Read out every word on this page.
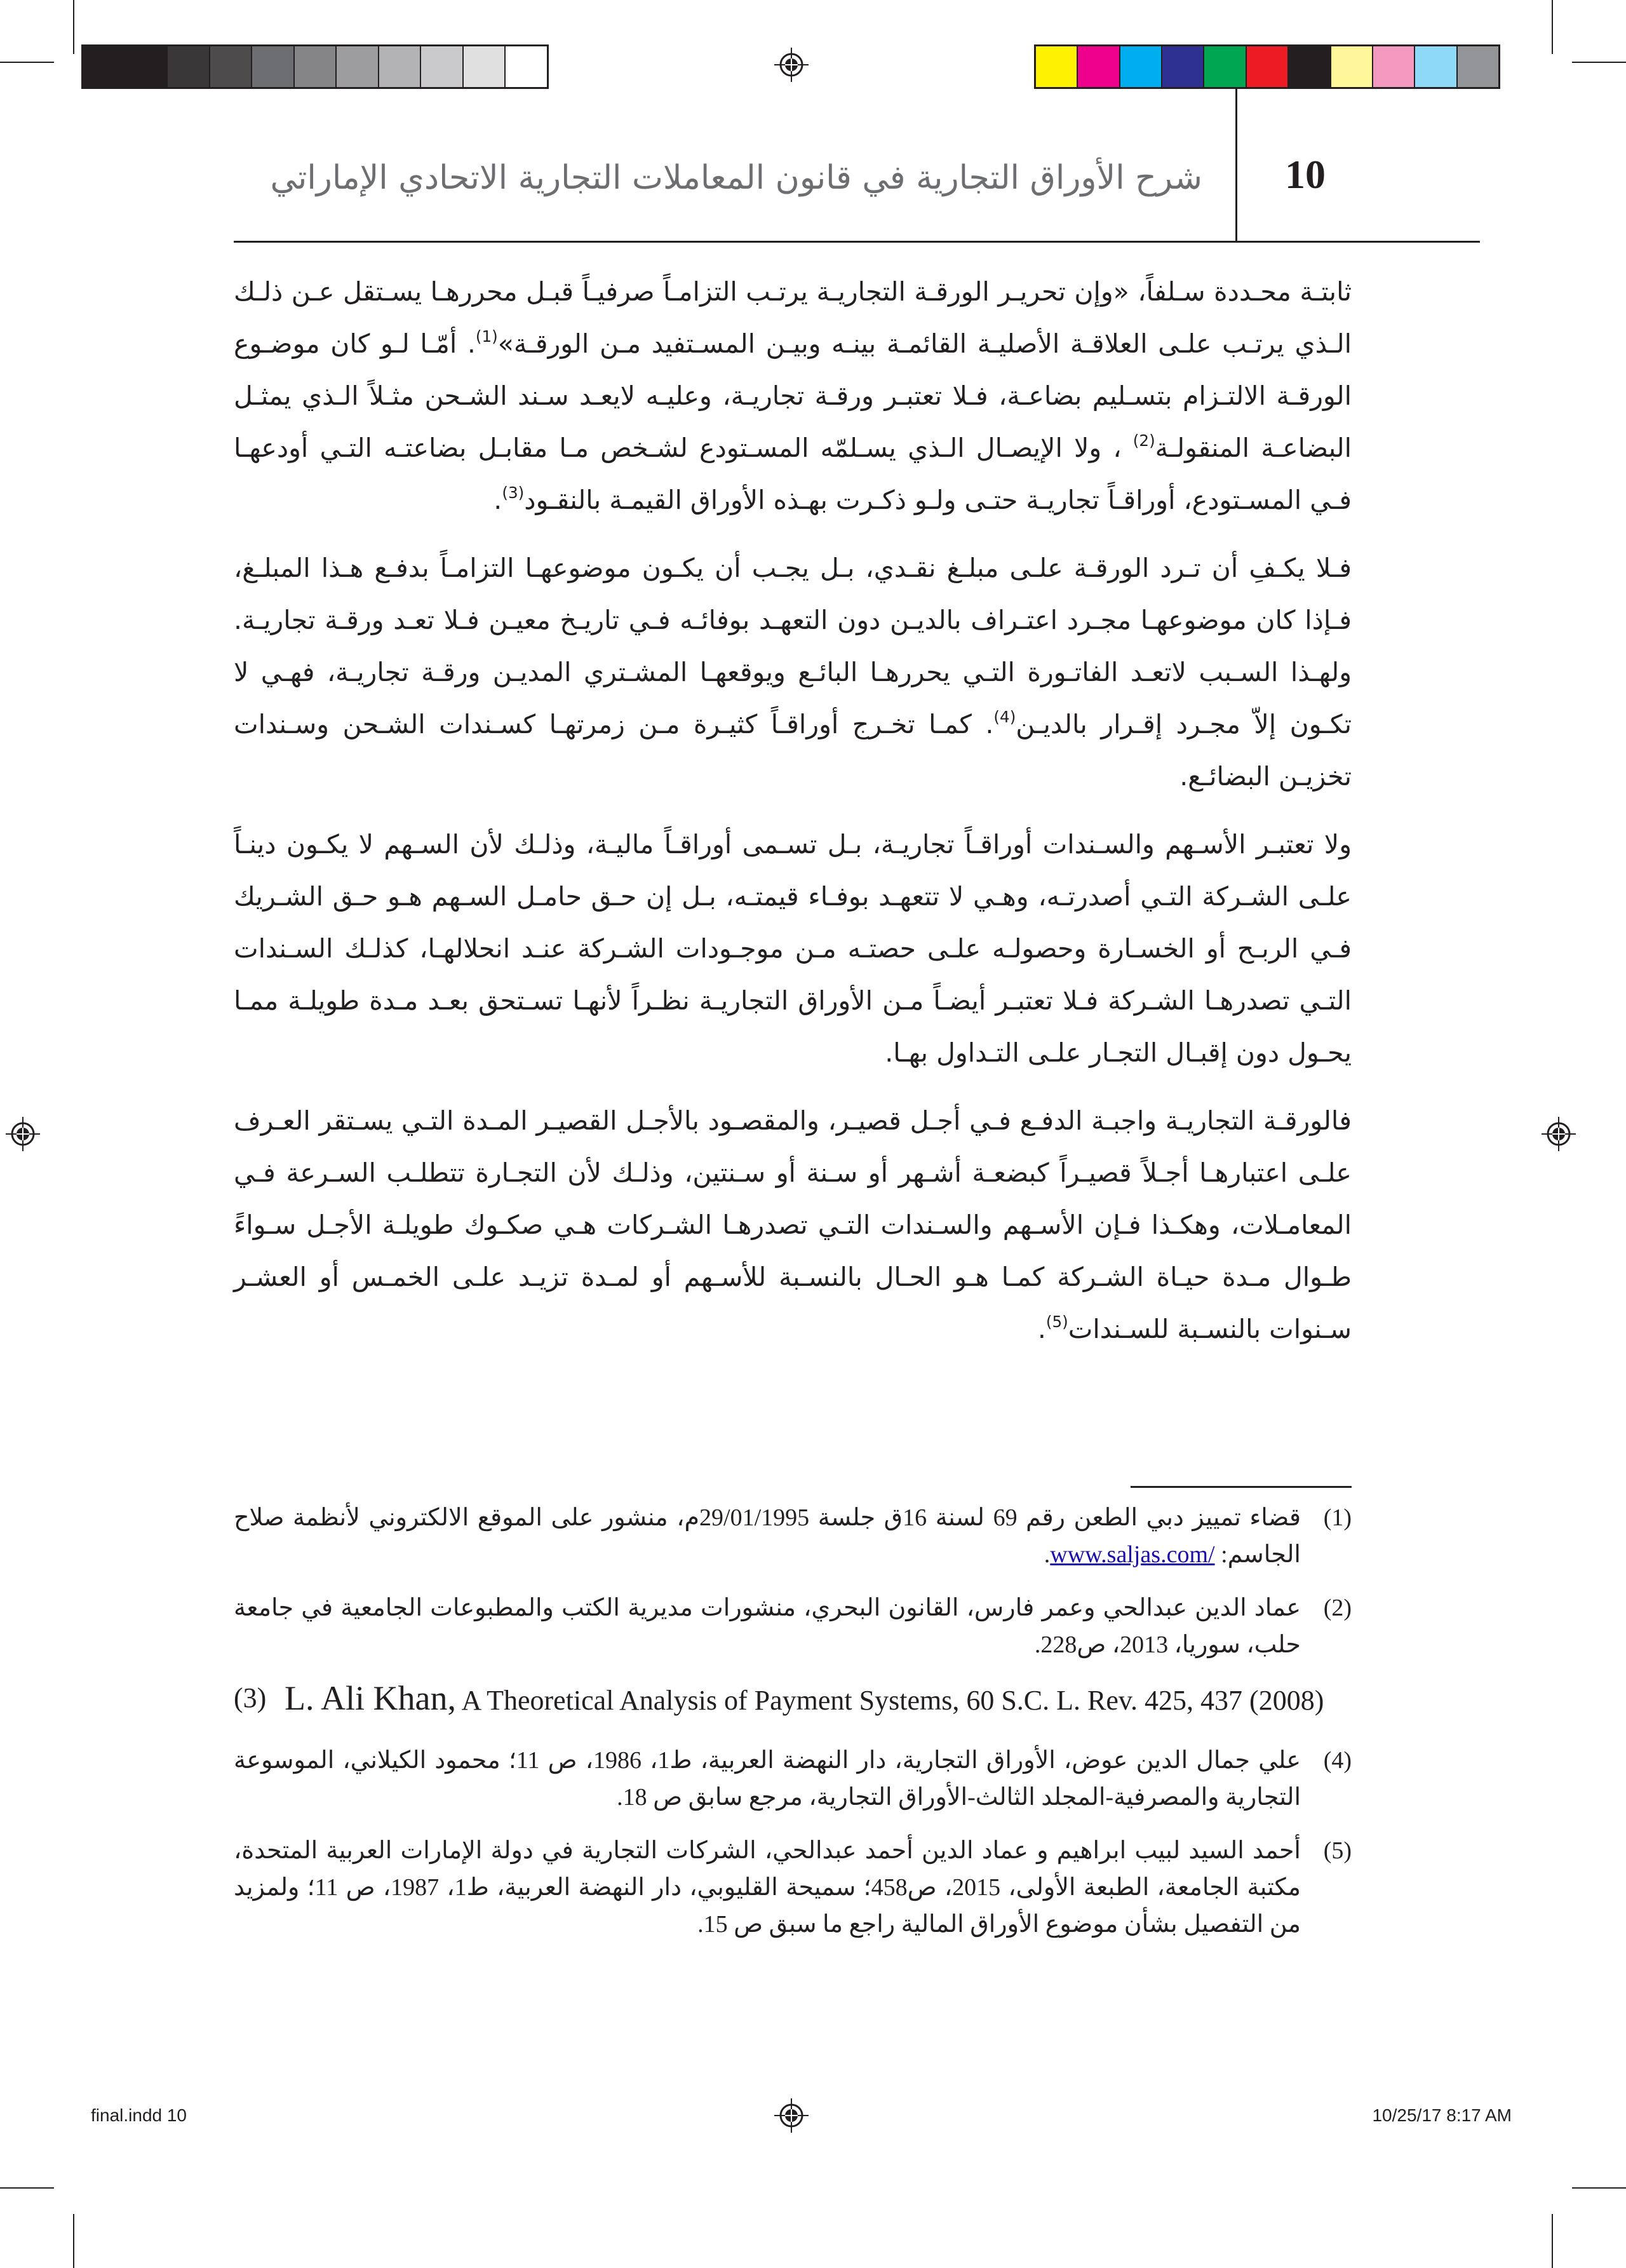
شرح الأوراق التجارية في قانون المعاملات التجارية الاتحادي الإماراتي	10

ثابتـة محـددة سـلفاً، «وإن تحريـر الورقـة التجاريـة يرتـب التزامـاً صرفيـاً قبـل محررهـا يسـتقل عـن ذلـك الـذي يرتـب علـى العلاقـة الأصليـة القائمـة بينـه وبيـن المسـتفيد مـن الورقـة»$^{(1)}$. أمّـا لـو كان موضـوع الورقـة الالتـزام بتسـليم بضاعـة، فـلا تعتبـر ورقـة تجاريـة، وعليـه لايعـد سـند الشـحن مثـلاً الـذي يمثـل البضاعـة المنقولـة$^{(2)}$ ، ولا الإيصـال الـذي يسـلمّه المسـتودع لشـخص مـا مقابـل بضاعتـه التـي أودعهـا فـي المسـتودع، أوراقـاً تجاريـة حتـى ولـو ذكـرت بهـذه الأوراق القيمـة بالنقـود$^{(3)}$.

فـلا يكـفِ أن تـرد الورقـة علـى مبلـغ نقـدي، بـل يجـب أن يكـون موضوعهـا التزامـاً بدفـع هـذا المبلـغ، فـإذا كان موضوعهـا مجـرد اعتـراف بالديـن دون التعهـد بوفائـه فـي تاريـخ معيـن فـلا تعـد ورقـة تجاريـة. ولهـذا السـبب لاتعـد الفاتـورة التـي يحررهـا البائـع ويوقعهـا المشـتري المديـن ورقـة تجاريـة، فهـي لا تكـون إلاّ مجـرد إقـرار بالديـن$^{(4)}$. كمـا تخـرج أوراقـاً كثيـرة مـن زمرتهـا كسـندات الشـحن وسـندات تخزيـن البضائـع.

ولا تعتبـر الأسـهم والسـندات أوراقـاً تجاريـة، بـل تسـمى أوراقـاً ماليـة، وذلـك لأن السـهم لا يكـون دينـاً علـى الشـركة التـي أصدرتـه، وهـي لا تتعهـد بوفـاء قيمتـه، بـل إن حـق حامـل السـهم هـو حـق الشـريك فـي الربـح أو الخسـارة وحصولـه علـى حصتـه مـن موجـودات الشـركة عنـد انحلالهـا، كذلـك السـندات التـي تصدرهـا الشـركة فـلا تعتبـر أيضـاً مـن الأوراق التجاريـة نظـراً لأنهـا تسـتحق بعـد مـدة طويلـة ممـا يحـول دون إقبـال التجـار علـى التـداول بهـا.

فالورقـة التجاريـة واجبـة الدفـع فـي أجـل قصيـر، والمقصـود بالأجـل القصيـر المـدة التـي يسـتقر العـرف علـى اعتبارهـا أجـلاً قصيـراً كبضعـة أشـهر أو سـنة أو سـنتين، وذلـك لأن التجـارة تتطلـب السـرعة فـي المعامـلات، وهكـذا فـإن الأسـهم والسـندات التـي تصدرهـا الشـركات هـي صكـوك طويلـة الأجـل سـواءً طـوال مـدة حيـاة الشـركة كمـا هـو الحـال بالنسـبة للأسـهم أو لمـدة تزيـد علـى الخمـس أو العشـر سـنوات بالنسـبة للسـندات$^{(5)}$.

(1)
قضاء تمييز دبي الطعن رقم 69 لسنة 16ق جلسة 29/01/1995م، منشور على الموقع الالكتروني لأنظمة صلاح الجاسم: www.saljas.com/.
(2)
عماد الدين عبدالحي وعمر فارس، القانون البحري، منشورات مديرية الكتب والمطبوعات الجامعية في جامعة حلب، سوريا، 2013، ص228.
(3) L. Ali Khan, A Theoretical Analysis of Payment Systems, 60 S.C. L. Rev. 425, 437 (2008)
(4)
علي جمال الدين عوض، الأوراق التجارية، دار النهضة العربية، ط1، 1986، ص 11؛ محمود الكيلاني، الموسوعة التجارية والمصرفية-المجلد الثالث-الأوراق التجارية، مرجع سابق ص 18.
(5)
أحمد السيد لبيب ابراهيم و عماد الدين أحمد عبدالحي، الشركات التجارية في دولة الإمارات العربية المتحدة، مكتبة الجامعة، الطبعة الأولى، 2015، ص458؛ سميحة القليوبي، دار النهضة العربية، ط1، 1987، ص 11؛ ولمزيد من التفصيل بشأن موضوع الأوراق المالية راجع ما سبق ص 15.
final.indd 10	10/25/17 8:17 AM
